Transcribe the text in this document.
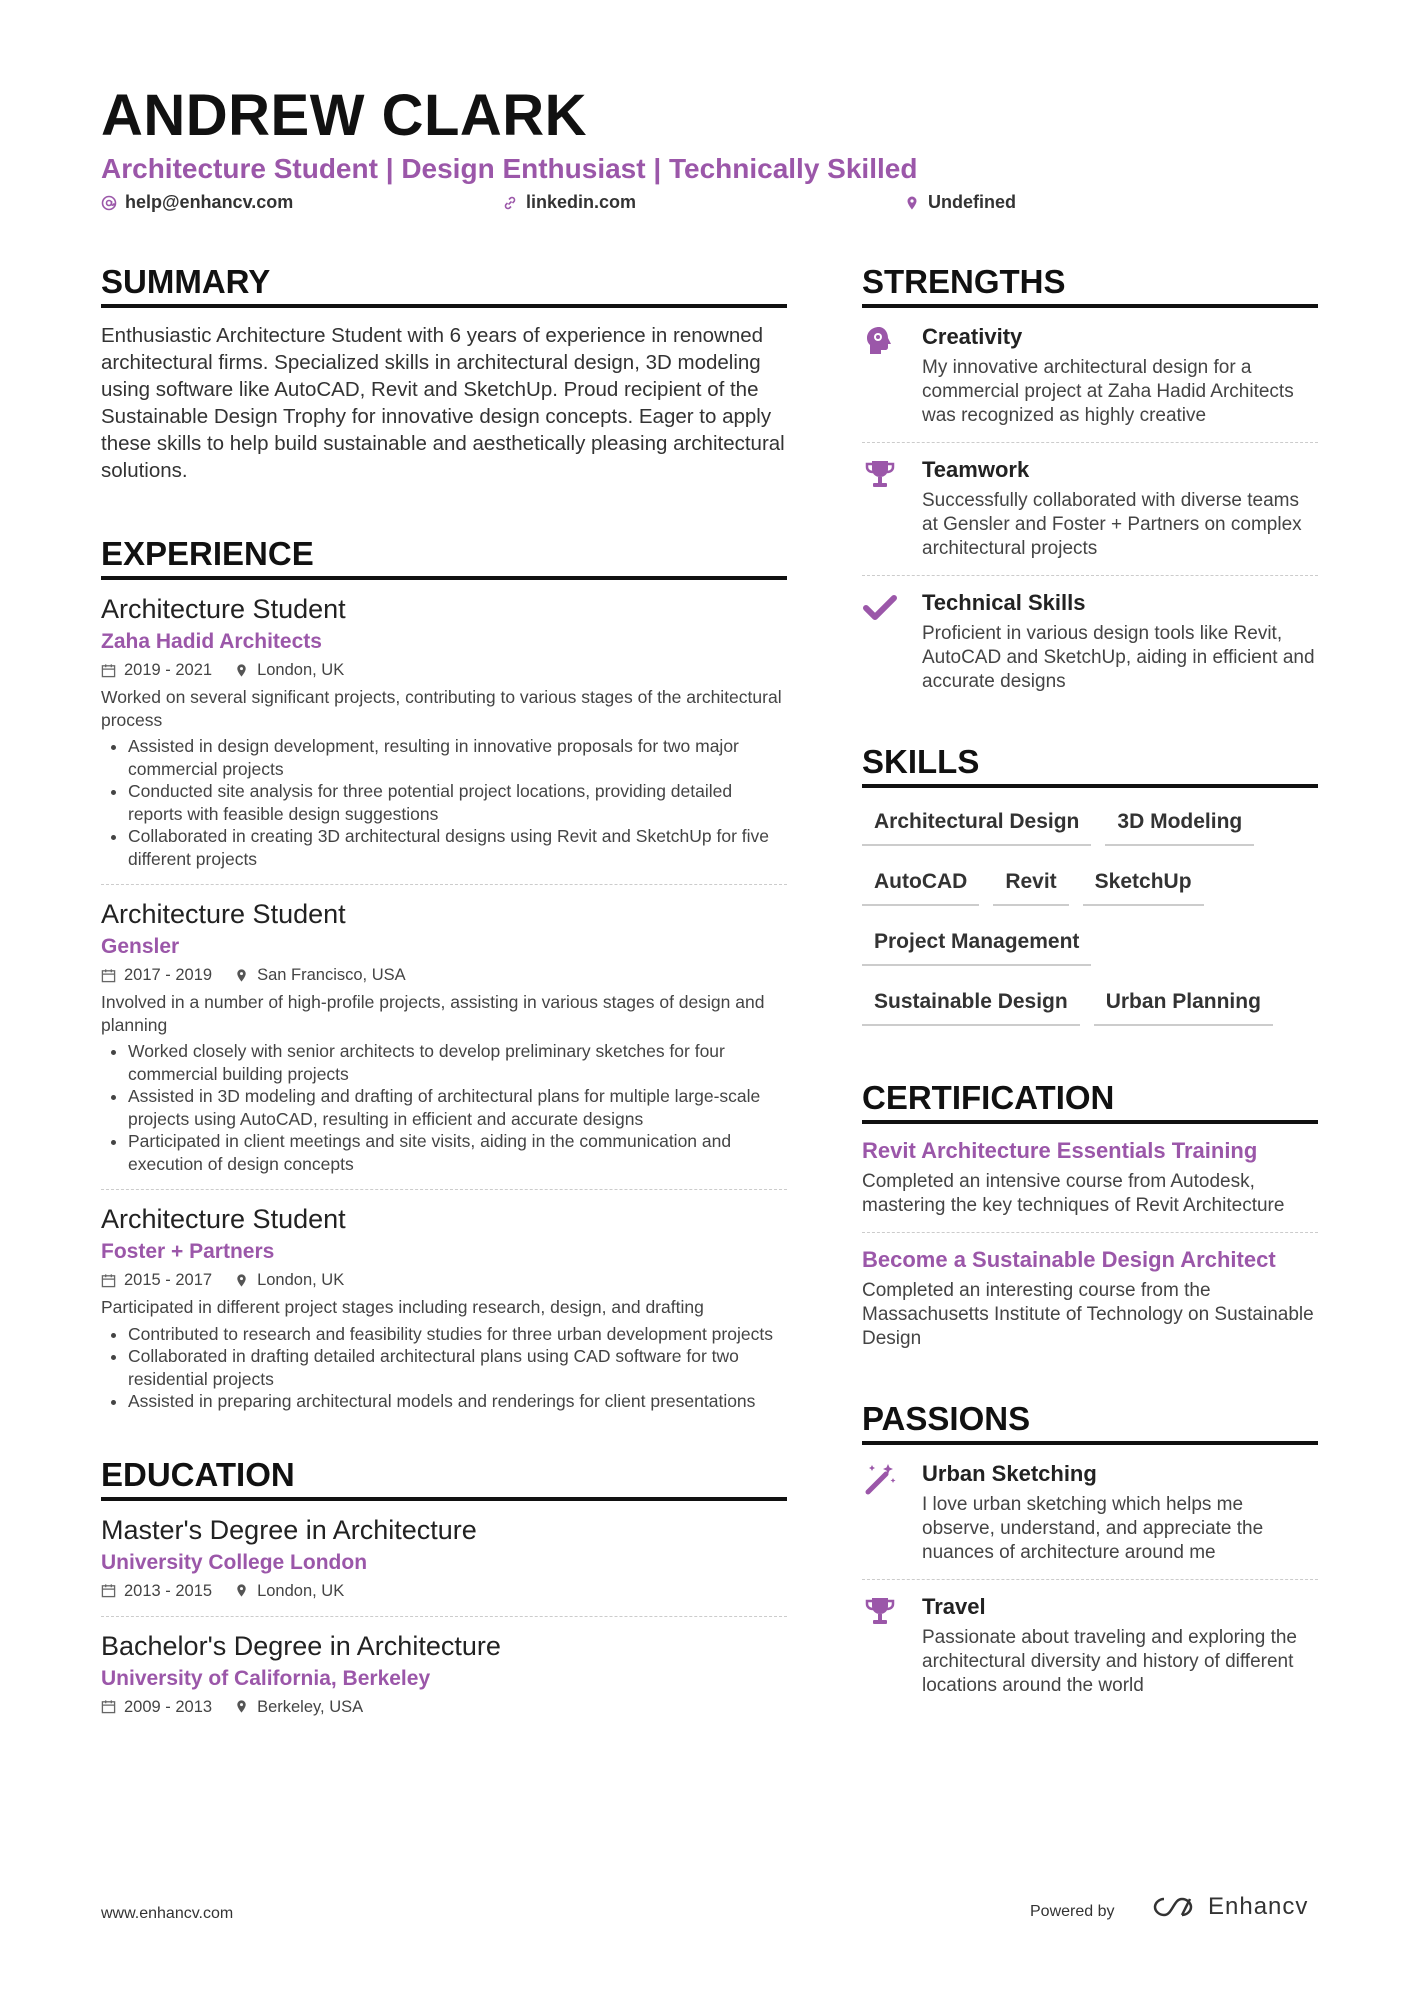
ANDREW CLARK
Architecture Student | Design Enthusiast | Technically Skilled
help@enhancv.com	linkedin.com	Undefined
SUMMARY

Enthusiastic Architecture Student with 6 years of experience in renowned architectural firms. Specialized skills in architectural design, 3D modeling using software like AutoCAD, Revit and SketchUp. Proud recipient of the Sustainable Design Trophy for innovative design concepts. Eager to apply these skills to help build sustainable and aesthetically pleasing architectural solutions.

EXPERIENCE
Architecture Student
Zaha Hadid Architects
2019 - 2021	London, UK

Worked on several significant projects, contributing to various stages of the architectural process

• Assisted in design development, resulting in innovative proposals for two major commercial projects
• Conducted site analysis for three potential project locations, providing detailed reports with feasible design suggestions
• Collaborated in creating 3D architectural designs using Revit and SketchUp for five different projects
Architecture Student
Gensler
2017 - 2019	San Francisco, USA

Involved in a number of high-profile projects, assisting in various stages of design and planning

• Worked closely with senior architects to develop preliminary sketches for four commercial building projects
• Assisted in 3D modeling and drafting of architectural plans for multiple large-scale projects using AutoCAD, resulting in efficient and accurate designs
• Participated in client meetings and site visits, aiding in the communication and execution of design concepts
Architecture Student
Foster + Partners
2015 - 2017	London, UK

Participated in different project stages including research, design, and drafting

• Contributed to research and feasibility studies for three urban development projects
• Collaborated in drafting detailed architectural plans using CAD software for two residential projects
• Assisted in preparing architectural models and renderings for client presentations
EDUCATION
Master's Degree in Architecture
University College London
2013 - 2015	London, UK
Bachelor's Degree in Architecture
University of California, Berkeley
2009 - 2013	Berkeley, USA
STRENGTHS
Creativity

My innovative architectural design for a commercial project at Zaha Hadid Architects was recognized as highly creative

Teamwork

Successfully collaborated with diverse teams at Gensler and Foster + Partners on complex architectural projects

Technical Skills

Proficient in various design tools like Revit, AutoCAD and SketchUp, aiding in efficient and accurate designs

SKILLS
Architectural Design	3D Modeling
AutoCAD	Revit	SketchUp
Project Management
Sustainable Design	Urban Planning
CERTIFICATION
Revit Architecture Essentials Training

Completed an intensive course from Autodesk, mastering the key techniques of Revit Architecture

Become a Sustainable Design Architect

Completed an interesting course from the Massachusetts Institute of Technology on Sustainable Design

PASSIONS
Urban Sketching

I love urban sketching which helps me observe, understand, and appreciate the nuances of architecture around me

Travel

Passionate about traveling and exploring the architectural diversity and history of different locations around the world

www.enhancv.com	Powered by	Enhancv
